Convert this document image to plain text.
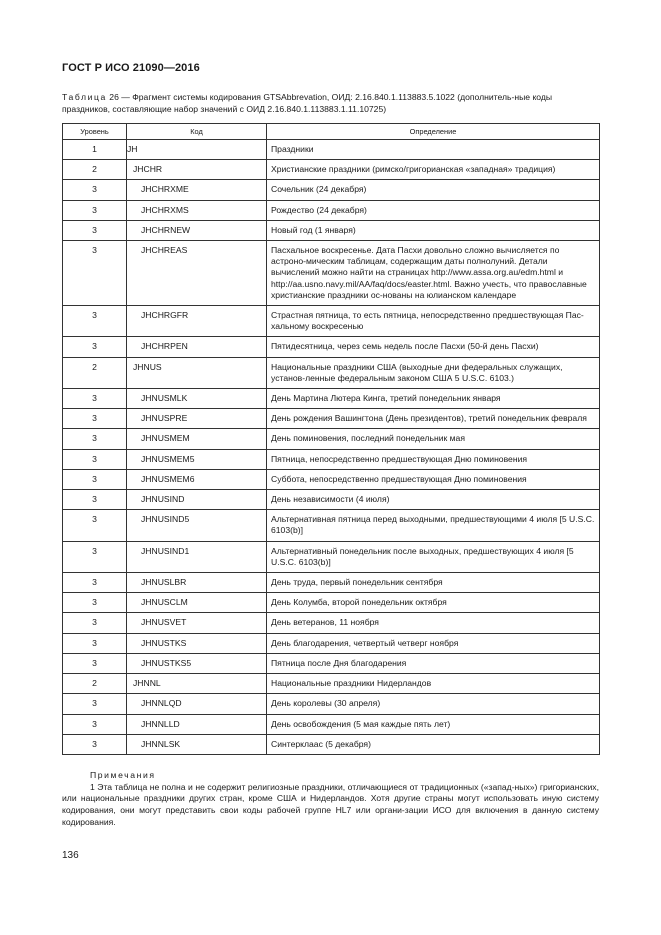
ГОСТ Р ИСО 21090—2016
Таблица 26 — Фрагмент системы кодирования GTSAbbrevation, ОИД: 2.16.840.1.113883.5.1022 (дополнитель-ные коды праздников, составляющие набор значений с ОИД 2.16.840.1.113883.1.11.10725)
Уровень	Код	Определение
1	JH	Праздники
2	JHCHR	Христианские праздники (римско/григорианская «западная» традиция)
3	JHCHRXME	Сочельник (24 декабря)
3	JHCHRXMS	Рождество (24 декабря)
3	JHCHRNEW	Новый год (1 января)
3	JHCHREAS	Пасхальное воскресенье. Дата Пасхи довольно сложно вычисляется по астроно-мическим таблицам, содержащим даты полнолуний. Детали вычислений можно найти на страницах http://www.assa.org.au/edm.html и http://aa.usno.navy.mil/AA/faq/docs/easter.html. Важно учесть, что православные христианские праздники ос-нованы на юлианском календаре
3	JHCHRGFR	Страстная пятница, то есть пятница, непосредственно предшествующая Пас-хальному воскресенью
3	JHCHRPEN	Пятидесятница, через семь недель после Пасхи (50-й день Пасхи)
2	JHNUS	Национальные праздники США (выходные дни федеральных служащих, установ-ленные федеральным законом США 5 U.S.C. 6103.)
3	JHNUSMLK	День Мартина Лютера Кинга, третий понедельник января
3	JHNUSPRE	День рождения Вашингтона (День президентов), третий понедельник февраля
3	JHNUSMEM	День поминовения, последний понедельник мая
3	JHNUSMEM5	Пятница, непосредственно предшествующая Дню поминовения
3	JHNUSMEM6	Суббота, непосредственно предшествующая Дню поминовения
3	JHNUSIND	День независимости (4 июля)
3	JHNUSIND5	Альтернативная пятница перед выходными, предшествующими 4 июля [5 U.S.C. 6103(b)]
3	JHNUSIND1	Альтернативный понедельник после выходных, предшествующих 4 июля [5 U.S.C. 6103(b)]
3	JHNUSLBR	День труда, первый понедельник сентября
3	JHNUSCLM	День Колумба, второй понедельник октября
3	JHNUSVET	День ветеранов, 11 ноября
3	JHNUSTKS	День благодарения, четвертый четверг ноября
3	JHNUSTKS5	Пятница после Дня благодарения
2	JHNNL	Национальные праздники Нидерландов
3	JHNNLQD	День королевы (30 апреля)
3	JHNNLLD	День освобождения (5 мая каждые пять лет)
3	JHNNLSK	Синтерклаас (5 декабря)
Примечания
1 Эта таблица не полна и не содержит религиозные праздники, отличающиеся от традиционных («запад-ных») григорианских, или национальные праздники других стран, кроме США и Нидерландов. Хотя другие страны могут использовать иную систему кодирования, они могут представить свои коды рабочей группе HL7 или органи-зации ИСО для включения в данную систему кодирования.
136
